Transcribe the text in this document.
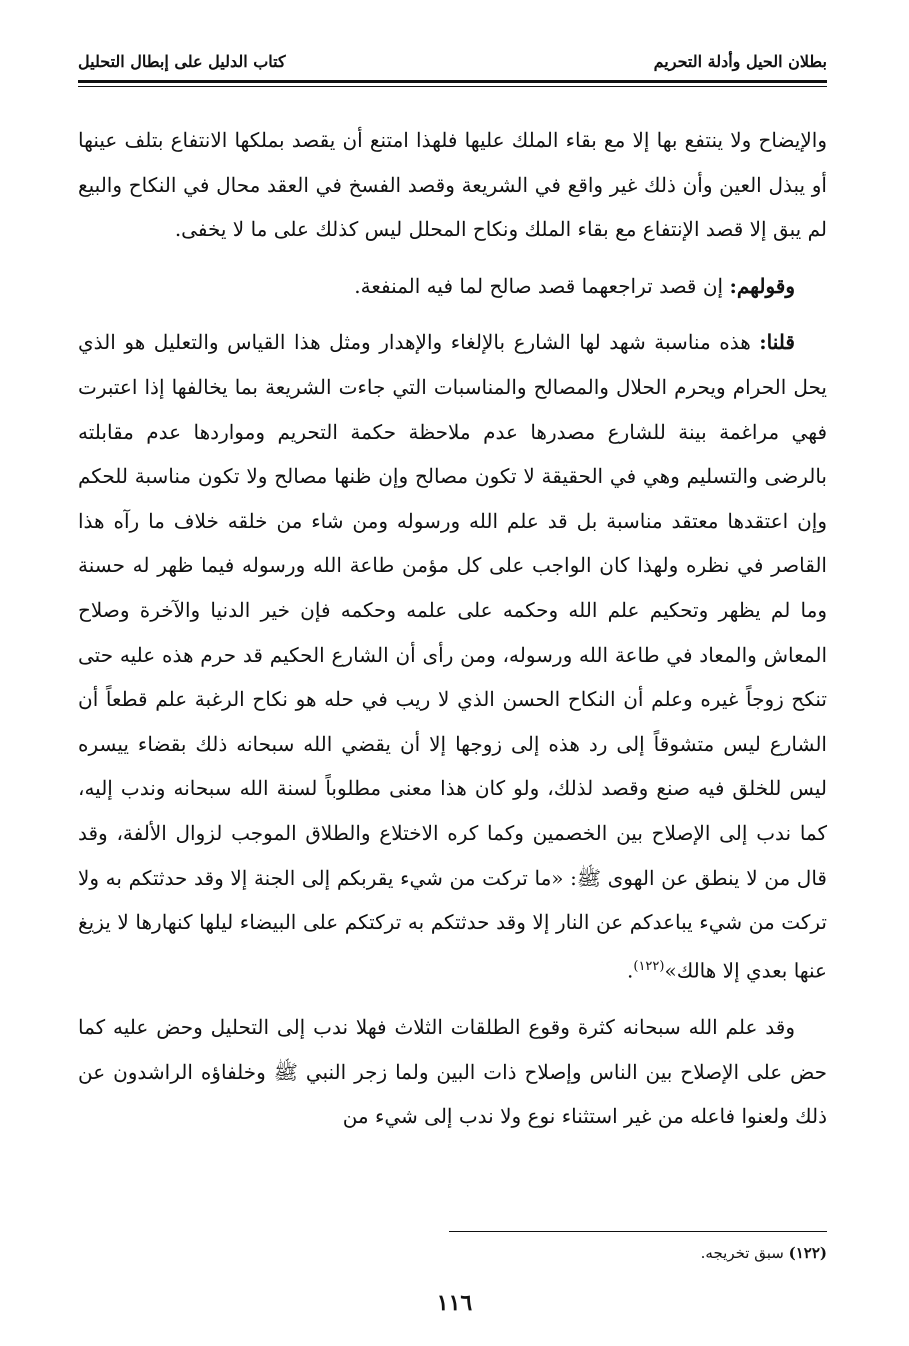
بطلان الحيل وأدلة التحريم
كتاب الدليل على إبطال التحليل

والإيضاح ولا ينتفع بها إلا مع بقاء الملك عليها فلهذا امتنع أن يقصد بملكها الانتفاع بتلف عينها أو يبذل العين وأن ذلك غير واقع في الشريعة وقصد الفسخ في العقد محال في النكاح والبيع لم يبق إلا قصد الإنتفاع مع بقاء الملك ونكاح المحلل ليس كذلك على ما لا يخفى.

وقولهم: إن قصد تراجعهما قصد صالح لما فيه المنفعة.

قلنا: هذه مناسبة شهد لها الشارع بالإلغاء والإهدار ومثل هذا القياس والتعليل هو الذي يحل الحرام ويحرم الحلال والمصالح والمناسبات التي جاءت الشريعة بما يخالفها إذا اعتبرت فهي مراغمة بينة للشارع مصدرها عدم ملاحظة حكمة التحريم ومواردها عدم مقابلته بالرضى والتسليم وهي في الحقيقة لا تكون مصالح وإن ظنها مصالح ولا تكون مناسبة للحكم وإن اعتقدها معتقد مناسبة بل قد علم الله ورسوله ومن شاء من خلقه خلاف ما رآه هذا القاصر في نظره ولهذا كان الواجب على كل مؤمن طاعة الله ورسوله فيما ظهر له حسنة وما لم يظهر وتحكيم علم الله وحكمه على علمه وحكمه فإن خير الدنيا والآخرة وصلاح المعاش والمعاد في طاعة الله ورسوله، ومن رأى أن الشارع الحكيم قد حرم هذه عليه حتى تنكح زوجاً غيره وعلم أن النكاح الحسن الذي لا ريب في حله هو نكاح الرغبة علم قطعاً أن الشارع ليس متشوقاً إلى رد هذه إلى زوجها إلا أن يقضي الله سبحانه ذلك بقضاء ييسره ليس للخلق فيه صنع وقصد لذلك، ولو كان هذا معنى مطلوباً لسنة الله سبحانه وندب إليه، كما ندب إلى الإصلاح بين الخصمين وكما كره الاختلاع والطلاق الموجب لزوال الألفة، وقد قال من لا ينطق عن الهوى ﷺ: «ما تركت من شيء يقربكم إلى الجنة إلا وقد حدثتكم به ولا تركت من شيء يباعدكم عن النار إلا وقد حدثتكم به تركتكم على البيضاء ليلها كنهارها لا يزيغ عنها بعدي إلا هالك»$^{(١٢٢)}$.

وقد علم الله سبحانه كثرة وقوع الطلقات الثلاث فهلا ندب إلى التحليل وحض عليه كما حض على الإصلاح بين الناس وإصلاح ذات البين ولما زجر النبي ﷺ وخلفاؤه الراشدون عن ذلك ولعنوا فاعله من غير استثناء نوع ولا ندب إلى شيء من

(١٢٢) سبق تخريجه.
١١٦
